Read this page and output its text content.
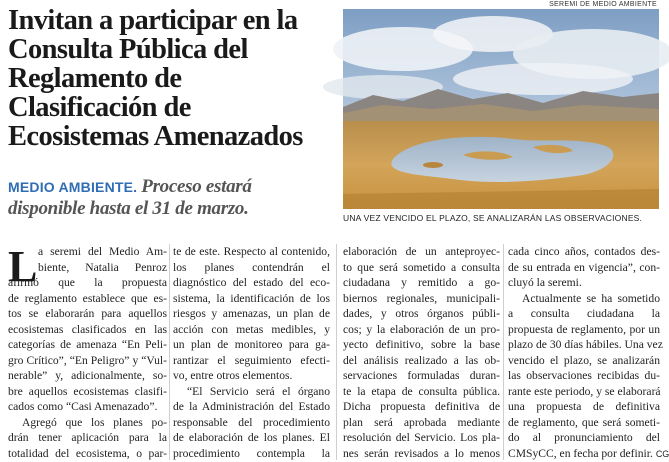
Invitan a participar en la
Consulta Pública del
Reglamento de
Clasificación de
Ecosistemas Amenazados
MEDIO AMBIENTE. Proceso estará
disponible hasta el 31 de marzo.
SEREMI DE MEDIO AMBIENTE
UNA VEZ VENCIDO EL PLAZO, SE ANALIZARÁN LAS OBSERVACIONES.
L a seremi del Medio Am-
biente, Natalia Penroz
afirmó que la propuesta
de reglamento establece que es-
tos se elaborarán para aquellos
ecosistemas clasificados en las
categorías de amenaza “En Peli-
gro Crítico”, “En Peligro” y “Vul-
nerable” y, adicionalmente, so-
bre aquellos ecosistemas clasifi-
cados como “Casi Amenazado”.
Agregó que los planes po-
drán tener aplicación para la
totalidad del ecosistema, o par-
te de este. Respecto al contenido,
los planes contendrán el
diagnóstico del estado del eco-
sistema, la identificación de los
riesgos y amenazas, un plan de
acción con metas medibles, y
un plan de monitoreo para ga-
rantizar el seguimiento efecti-
vo, entre otros elementos.
“El Servicio será el órgano
de la Administración del Estado
responsable del procedimiento
de elaboración de los planes. El
procedimiento contempla la
elaboración de un anteproyec-
to que será sometido a consulta
ciudadana y remitido a go-
biernos regionales, municipali-
dades, y otros órganos públi-
cos; y la elaboración de un pro-
yecto definitivo, sobre la base
del análisis realizado a las ob-
servaciones formuladas duran-
te la etapa de consulta pública.
Dicha propuesta definitiva de
plan será aprobada mediante
resolución del Servicio. Los pla-
nes serán revisados a lo menos
cada cinco años, contados des-
de su entrada en vigencia”, con-
cluyó la seremi.
Actualmente se ha sometido
a consulta ciudadana la
propuesta de reglamento, por un
plazo de 30 días hábiles. Una vez
vencido el plazo, se analizarán
las observaciones recibidas du-
rante este periodo, y se elaborará
una propuesta de definitiva
de reglamento, que será someti-
do al pronunciamiento del
CMSyCC, en fecha por definir. CG
